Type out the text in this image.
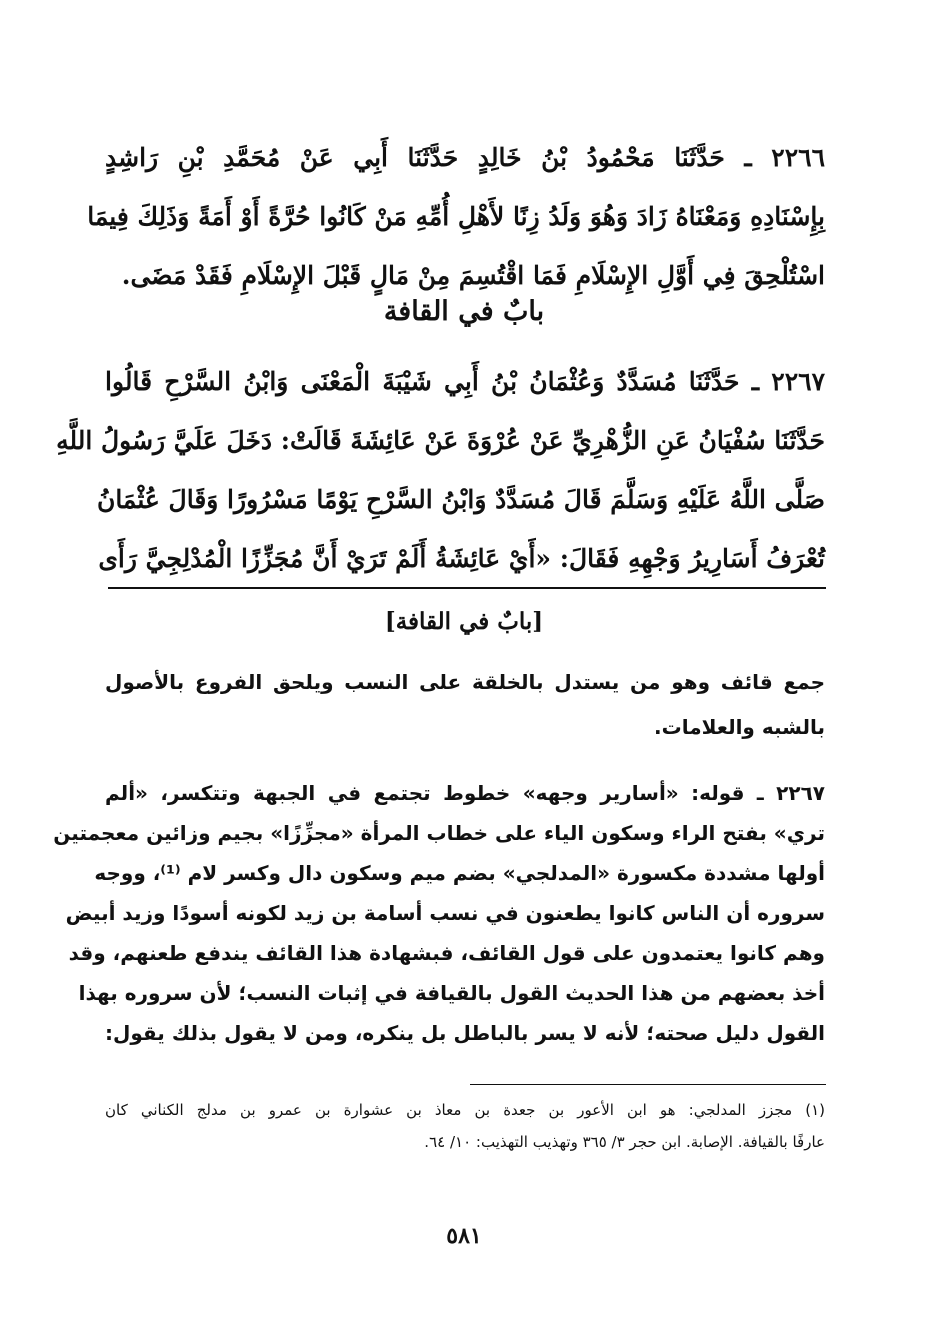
٢٢٦٦ ـ حَدَّثَنَا مَحْمُودُ بْنُ خَالِدٍ حَدَّثَنَا أَبِي عَنْ مُحَمَّدِ بْنِ رَاشِدٍ
بِإِسْنَادِهِ وَمَعْنَاهُ زَادَ وَهُوَ وَلَدُ زِنًا لأَهْلِ أُمِّهِ مَنْ كَانُوا حُرَّةً أَوْ أَمَةً وَذَلِكَ فِيمَا
اسْتُلْحِقَ فِي أَوَّلِ الإِسْلَامِ فَمَا اقْتُسِمَ مِنْ مَالٍ قَبْلَ الإِسْلَامِ فَقَدْ مَضَى.
بابٌ في القافة
٢٢٦٧ ـ حَدَّثَنَا مُسَدَّدٌ وَعُثْمَانُ بْنُ أَبِي شَيْبَةَ الْمَعْنَى وَابْنُ السَّرْحِ قَالُوا
حَدَّثَنَا سُفْيَانُ عَنِ الزُّهْرِيِّ عَنْ عُرْوَةَ عَنْ عَائِشَةَ قَالَتْ: دَخَلَ عَلَيَّ رَسُولُ اللَّهِ
صَلَّى اللَّهُ عَلَيْهِ وَسَلَّمَ قَالَ مُسَدَّدٌ وَابْنُ السَّرْحِ يَوْمًا مَسْرُورًا وَقَالَ عُثْمَانُ
تُعْرَفُ أَسَارِيرُ وَجْهِهِ فَقَالَ: «أَيْ عَائِشَةُ أَلَمْ تَرَيْ أَنَّ مُجَزِّزًا الْمُدْلِجِيَّ رَأَى
[بابٌ في القافة]
جمع قائف وهو من يستدل بالخلقة على النسب ويلحق الفروع بالأصول
بالشبه والعلامات.
٢٢٦٧ ـ قوله: «أسارير وجهه» خطوط تجتمع في الجبهة وتتكسر، «ألم
تري» بفتح الراء وسكون الياء على خطاب المرأة «مجزِّزًا» بجيم وزائين معجمتين
أولها مشددة مكسورة «المدلجي» بضم ميم وسكون دال وكسر لام ⁽¹⁾، ووجه
سروره أن الناس كانوا يطعنون في نسب أسامة بن زيد لكونه أسودًا وزيد أبيض
وهم كانوا يعتمدون على قول القائف، فبشهادة هذا القائف يندفع طعنهم، وقد
أخذ بعضهم من هذا الحديث القول بالقيافة في إثبات النسب؛ لأن سروره بهذا
القول دليل صحته؛ لأنه لا يسر بالباطل بل ينكره، ومن لا يقول بذلك يقول:
(١) مجزز المدلجي: هو ابن الأعور بن جعدة بن معاذ بن عشوارة بن عمرو بن مدلج الكناني كان
عارفًا بالقيافة. الإصابة. ابن حجر ٣/ ٣٦٥ وتهذيب التهذيب: ١٠/ ٦٤.
٥٨١
